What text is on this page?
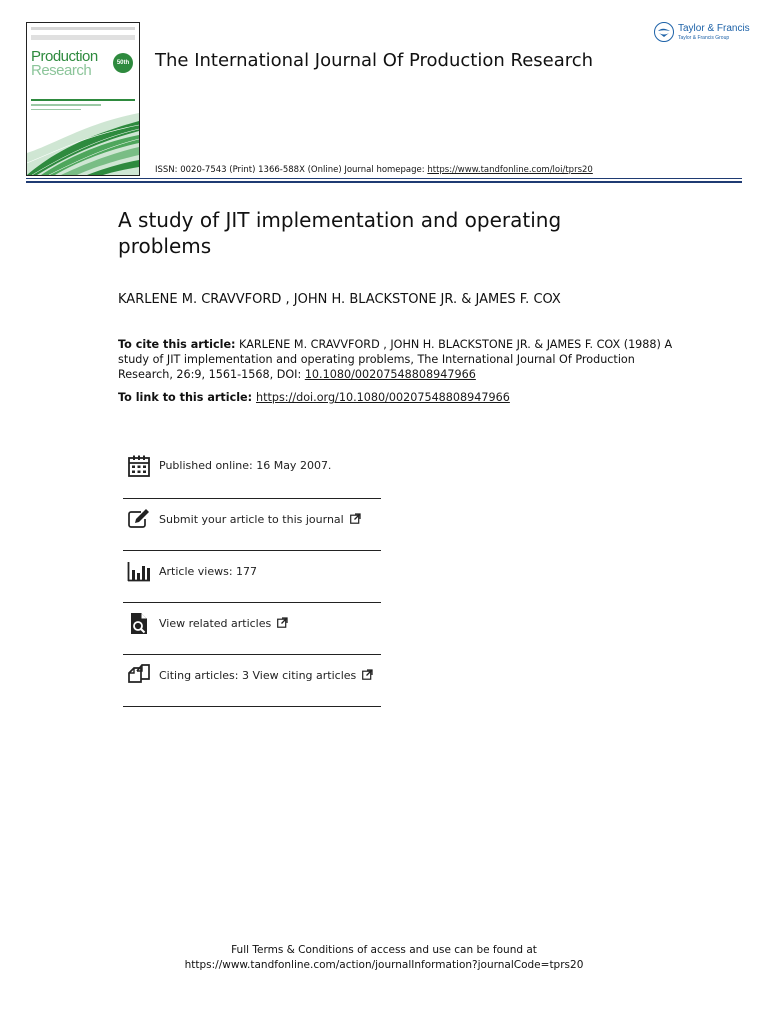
Production
Research	50th The International Journal Of Production Research
Taylor & Francis
Taylor & Francis Group
ISSN: 0020-7543 (Print) 1366-588X (Online) Journal homepage: https://www.tandfonline.com/loi/tprs20
A study of JIT implementation and operating problems
KARLENE M. CRAVVFORD , JOHN H. BLACKSTONE JR. & JAMES F. COX
To cite this article: KARLENE M. CRAVVFORD , JOHN H. BLACKSTONE JR. & JAMES F. COX (1988) A study of JIT implementation and operating problems, The International Journal Of Production Research, 26:9, 1561-1568, DOI: 10.1080/00207548808947966
To link to this article: https://doi.org/10.1080/00207548808947966
Published online: 16 May 2007.
Submit your article to this journal
Article views: 177
View related articles
Citing articles: 3 View citing articles
Full Terms & Conditions of access and use can be found at
https://www.tandfonline.com/action/journalInformation?journalCode=tprs20
